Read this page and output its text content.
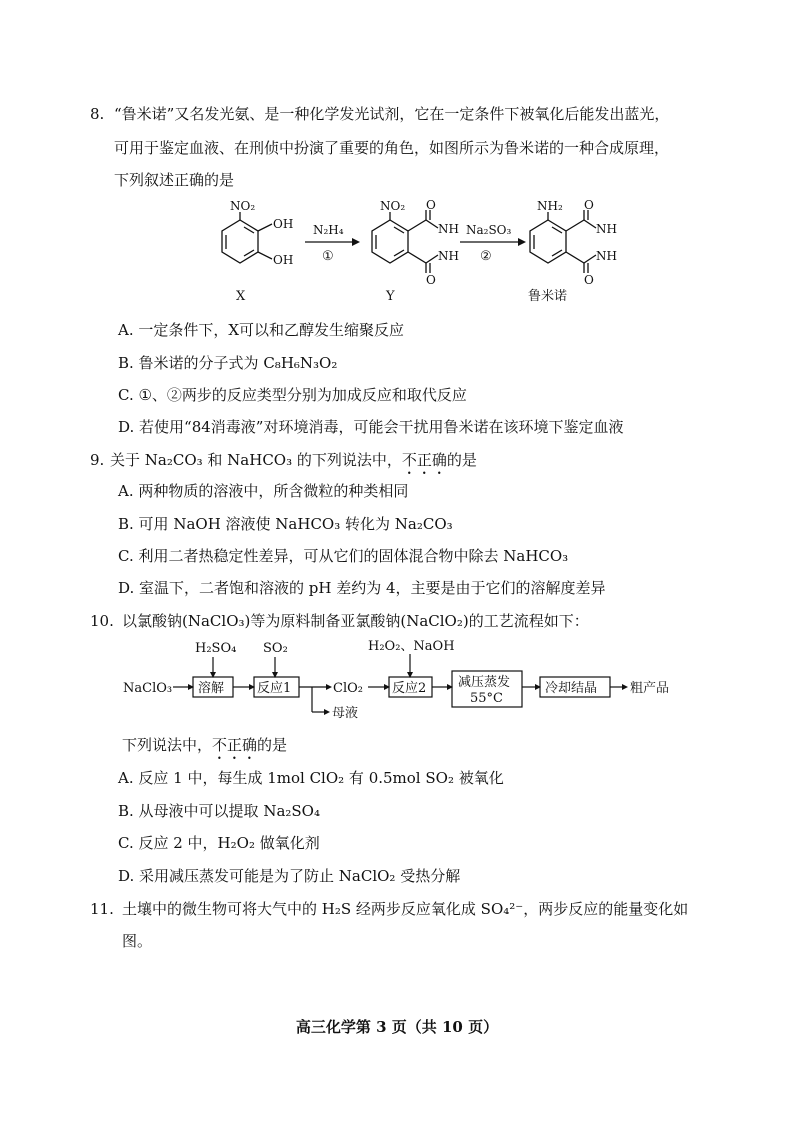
8. “鲁米诺”又名发光氨、是一种化学发光试剂，它在一定条件下被氧化后能发出蓝光，
可用于鉴定血液、在刑侦中扮演了重要的角色，如图所示为鲁米诺的一种合成原理，
下列叙述正确的是
NO₂
OH
OH
NO₂ O
O
NH
NH
NH₂ O
O
NH
NH
N₂H₄
①
Na₂SO₃
②
X	Y	鲁米诺
A. 一定条件下，X可以和乙醇发生缩聚反应
B. 鲁米诺的分子式为 C₈H₆N₃O₂
C. ①、②两步的反应类型分别为加成反应和取代反应
D. 若使用“84消毒液”对环境消毒，可能会干扰用鲁米诺在该环境下鉴定血液
9. 关于 Na₂CO₃ 和 NaHCO₃ 的下列说法中，不正确的是
A. 两种物质的溶液中，所含微粒的种类相同
B. 可用 NaOH 溶液使 NaHCO₃ 转化为 Na₂CO₃
C. 利用二者热稳定性差异，可从它们的固体混合物中除去 NaHCO₃
D. 室温下，二者饱和溶液的 pH 差约为 4，主要是由于它们的溶解度差异
10. 以氯酸钠(NaClO₃)等为原料制备亚氯酸钠(NaClO₂)的工艺流程如下：
NaClO₃
H₂SO₄ SO₂	H₂O₂、NaOH
溶解	反应1	ClO₂ 反应2 减压蒸发
55°C
冷却结晶	粗产品
母液
下列说法中，不正确的是
A. 反应 1 中，每生成 1mol ClO₂ 有 0.5mol SO₂ 被氧化
B. 从母液中可以提取 Na₂SO₄
C. 反应 2 中，H₂O₂ 做氧化剂
D. 采用减压蒸发可能是为了防止 NaClO₂ 受热分解
11. 土壤中的微生物可将大气中的 H₂S 经两步反应氧化成 SO₄²⁻，两步反应的能量变化如
图。
高三化学第 3 页（共 10 页）
